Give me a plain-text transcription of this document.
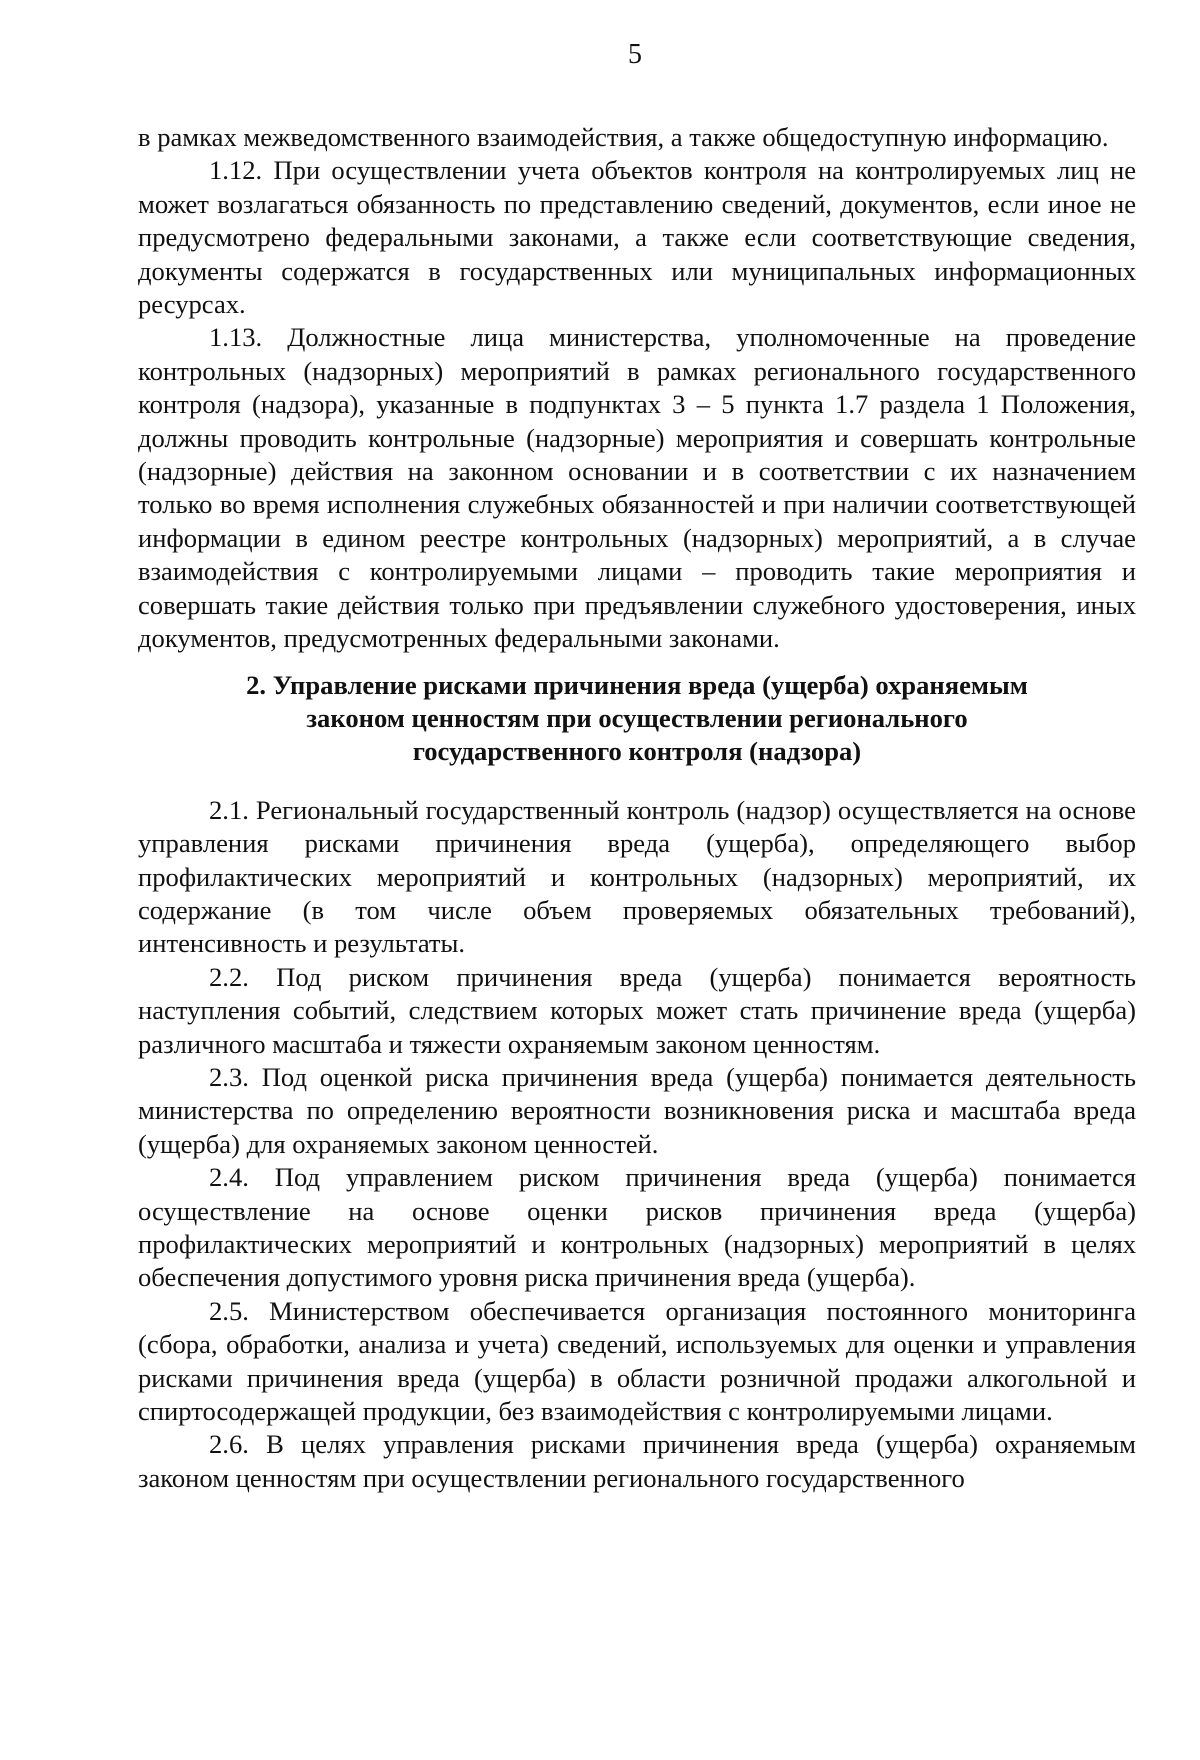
5

в рамках межведомственного взаимодействия, а также общедоступную информацию.

1.12. При осуществлении учета объектов контроля на контролируемых лиц не может возлагаться обязанность по представлению сведений, документов, если иное не предусмотрено федеральными законами, а также если соответствующие сведения, документы содержатся в государственных или муниципальных информационных ресурсах.

1.13. Должностные лица министерства, уполномоченные на проведение контрольных (надзорных) мероприятий в рамках регионального государственного контроля (надзора), указанные в подпунктах 3 – 5 пункта 1.7 раздела 1 Положения, должны проводить контрольные (надзорные) мероприятия и совершать контрольные (надзорные) действия на законном основании и в соответствии с их назначением только во время исполнения служебных обязанностей и при наличии соответствующей информации в едином реестре контрольных (надзорных) мероприятий, а в случае взаимодействия с контролируемыми лицами – проводить такие мероприятия и совершать такие действия только при предъявлении служебного удостоверения, иных документов, предусмотренных федеральными законами.

2. Управление рисками причинения вреда (ущерба) охраняемым
законом ценностям при осуществлении регионального
государственного контроля (надзора)

2.1. Региональный государственный контроль (надзор) осуществляется на основе управления рисками причинения вреда (ущерба), определяющего выбор профилактических мероприятий и контрольных (надзорных) мероприятий, их содержание (в том числе объем проверяемых обязательных требований), интенсивность и результаты.

2.2. Под риском причинения вреда (ущерба) понимается вероятность наступления событий, следствием которых может стать причинение вреда (ущерба) различного масштаба и тяжести охраняемым законом ценностям.

2.3. Под оценкой риска причинения вреда (ущерба) понимается деятельность министерства по определению вероятности возникновения риска и масштаба вреда (ущерба) для охраняемых законом ценностей.

2.4. Под управлением риском причинения вреда (ущерба) понимается осуществление на основе оценки рисков причинения вреда (ущерба) профилактических мероприятий и контрольных (надзорных) мероприятий в целях обеспечения допустимого уровня риска причинения вреда (ущерба).

2.5. Министерством обеспечивается организация постоянного мониторинга (сбора, обработки, анализа и учета) сведений, используемых для оценки и управления рисками причинения вреда (ущерба) в области розничной продажи алкогольной и спиртосодержащей продукции, без взаимодействия с контролируемыми лицами.

2.6. В целях управления рисками причинения вреда (ущерба) охраняемым законом ценностям при осуществлении регионального государственного
